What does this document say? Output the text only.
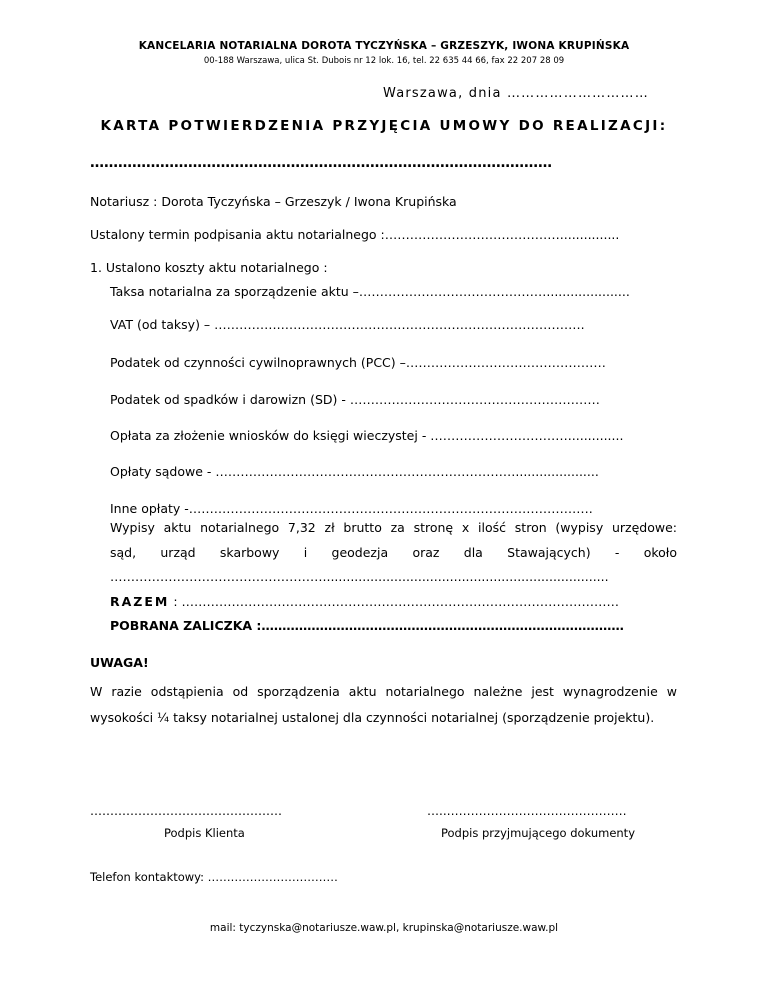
KANCELARIA NOTARIALNA DOROTA TYCZYŃSKA – GRZESZYK, IWONA KRUPIŃSKA
00-188 Warszawa, ulica St. Dubois nr 12 lok. 16, tel. 22 635 44 66, fax 22 207 28 09
Warszawa, dnia …………………………
KARTA POTWIERDZENIA PRZYJĘCIA UMOWY DO REALIZACJI:
………………………………………………………………………………………
Notariusz : Dorota Tyczyńska – Grzeszyk / Iwona Krupińska
Ustalony termin podpisania aktu notarialnego :……………………………………...............
1. Ustalono koszty aktu notarialnego :
Taksa notarialna za sporządzenie aktu –……………………………………….....................
VAT (od taksy) – …………….……………………………………………………………….
Podatek od czynności cywilnoprawnych (PCC) –…………………………………………
Podatek od spadków i darowizn (SD) - ……………………………………………………
Opłata za złożenie wniosków do księgi wieczystej - ……………………………..............
Opłaty sądowe - ……………………………………………………………….....................
Inne opłaty -…………………………………………………………………………………….
Wypisy aktu notarialnego 7,32 zł brutto za stronę x ilość stron (wypisy urzędowe:
sąd, urząd skarbowy i geodezja oraz dla Stawających) - około
……………………………………………........................................................................
RAZEM : ……………………………………………………………………………………………
POBRANA ZALICZKA :……………………………………………………………………………
UWAGA!
W razie odstąpienia od sporządzenia aktu notarialnego należne jest wynagrodzenie w wysokości ¼ taksy notarialnej ustalonej dla czynności notarialnej (sporządzenie projektu).
…………………………………………	…..………………………………………
Podpis Klienta	Podpis przyjmującego dokumenty
Telefon kontaktowy: …….………………………
mail: tyczynska@notariusze.waw.pl, krupinska@notariusze.waw.pl
